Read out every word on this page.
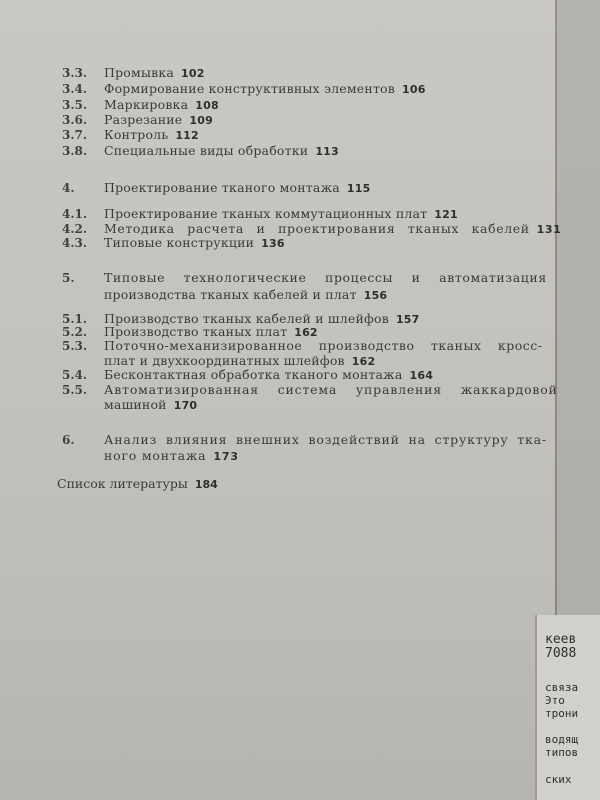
кеев
7088
связа
Это
трони
водящ
типов
ских
3.3. Промывка 102
3.4. Формирование конструктивных элементов 106
3.5. Маркировка 108
3.6. Разрезание 109
3.7. Контроль 112
3.8. Специальные виды обработки 113
4. Проектирование тканого монтажа 115
4.1. Проектирование тканых коммутационных плат 121
4.2. Методика расчета и проектирования тканых кабелей 131
4.3. Типовые конструкции 136
5. Типовые технологические процессы и автоматизация
производства тканых кабелей и плат 156
5.1. Производство тканых кабелей и шлейфов 157
5.2. Производство тканых плат 162
5.3. Поточно-механизированное производство тканых кросс-
плат и двухкоординатных шлейфов 162
5.4. Бесконтактная обработка тканого монтажа 164
5.5. Автоматизированная система управления жаккардовой
машиной 170
6. Анализ влияния внешних воздействий на структуру тка-
ного монтажа 173
Список литературы 184
